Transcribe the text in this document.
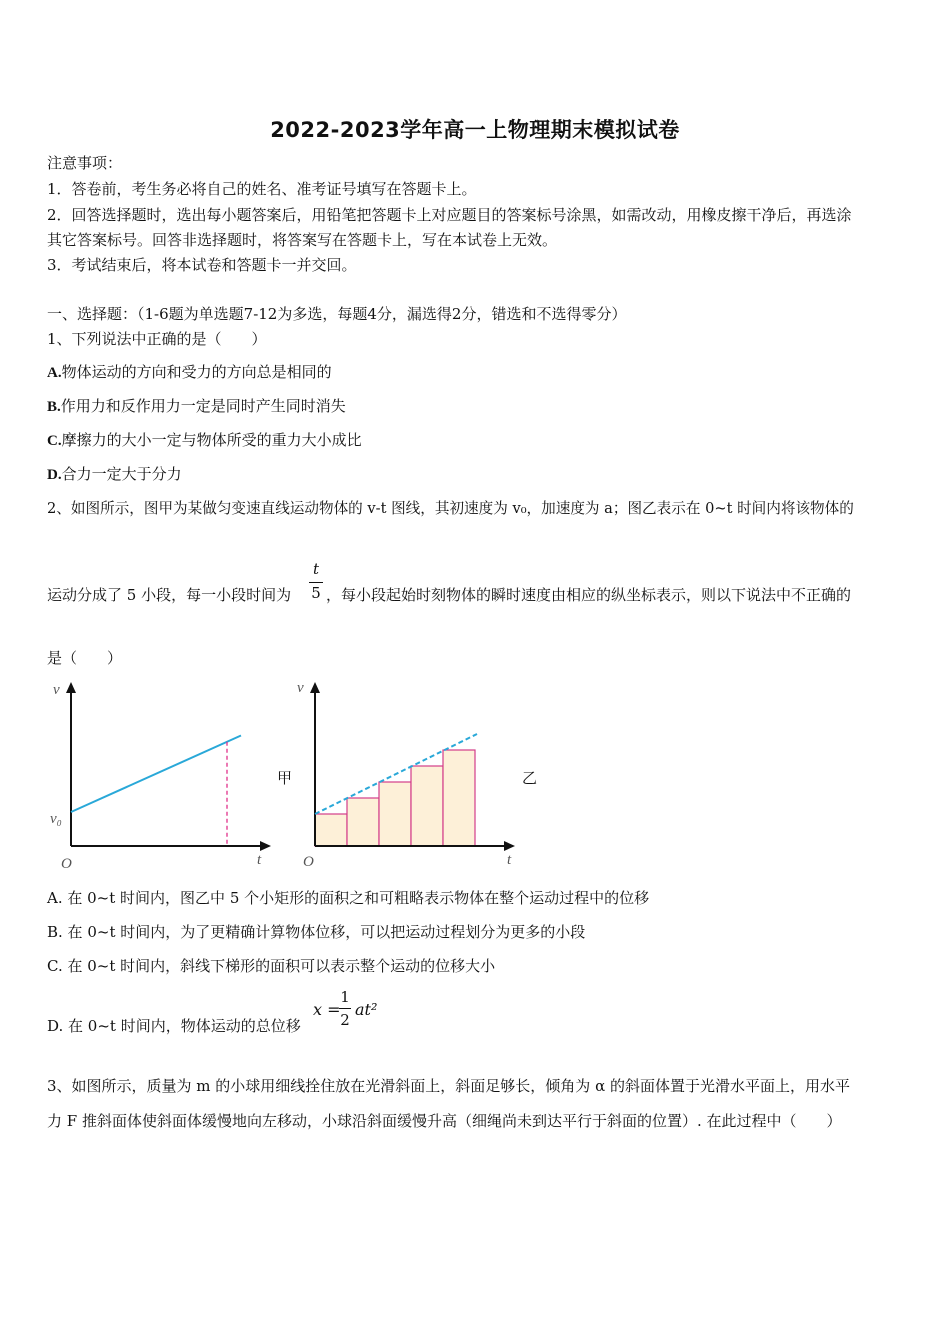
2022-2023学年高一上物理期末模拟试卷
注意事项：
1．答卷前，考生务必将自己的姓名、准考证号填写在答题卡上。
2．回答选择题时，选出每小题答案后，用铅笔把答题卡上对应题目的答案标号涂黑，如需改动，用橡皮擦干净后，再选涂
其它答案标号。回答非选择题时，将答案写在答题卡上，写在本试卷上无效。
3．考试结束后，将本试卷和答题卡一并交回。
一、选择题：（1-6题为单选题7-12为多选，每题4分，漏选得2分，错选和不选得零分）
1、下列说法中正确的是（　　）
A.物体运动的方向和受力的方向总是相同的
B.作用力和反作用力一定是同时产生同时消失
C.摩擦力的大小一定与物体所受的重力大小成比
D.合力一定大于分力
2、如图所示，图甲为某做匀变速直线运动物体的 v-t 图线，其初速度为 v₀，加速度为 a；图乙表示在 0~t 时间内将该物体的
运动分成了 5 小段，每一小段时间为
t
5 ，每小段起始时刻物体的瞬时速度由相应的纵坐标表示，则以下说法中不正确的
是（　　）
v
t
O
v₀
甲
v
t
O
乙
A. 在 0~t 时间内，图乙中 5 个小矩形的面积之和可粗略表示物体在整个运动过程中的位移
B. 在 0~t 时间内，为了更精确计算物体位移，可以把运动过程划分为更多的小段
C. 在 0~t 时间内，斜线下梯形的面积可以表示整个运动的位移大小
D. 在 0~t 时间内，物体运动的总位移
x =
1
2
at²
3、如图所示，质量为 m 的小球用细线拴住放在光滑斜面上，斜面足够长，倾角为 α 的斜面体置于光滑水平面上，用水平
力 F 推斜面体使斜面体缓慢地向左移动，小球沿斜面缓慢升高（细绳尚未到达平行于斜面的位置）. 在此过程中（　　）
